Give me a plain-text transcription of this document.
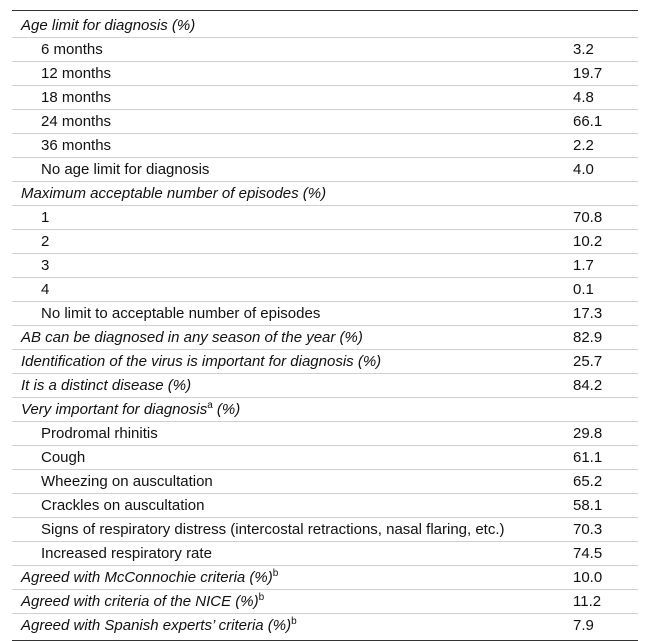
Age limit for diagnosis (%)
6 months	3.2
12 months	19.7
18 months	4.8
24 months	66.1
36 months	2.2
No age limit for diagnosis	4.0
Maximum acceptable number of episodes (%)
1	70.8
2	10.2
3	1.7
4	0.1
No limit to acceptable number of episodes	17.3
AB can be diagnosed in any season of the year (%)	82.9
Identification of the virus is important for diagnosis (%)	25.7
It is a distinct disease (%)	84.2
Very important for diagnosis$^a$ (%)
Prodromal rhinitis	29.8
Cough	61.1
Wheezing on auscultation	65.2
Crackles on auscultation	58.1
Signs of respiratory distress (intercostal retractions, nasal flaring, etc.)	70.3
Increased respiratory rate	74.5
Agreed with McConnochie criteria (%)$^b$	10.0
Agreed with criteria of the NICE (%)$^b$	11.2
Agreed with Spanish experts’ criteria (%)$^b$	7.9
